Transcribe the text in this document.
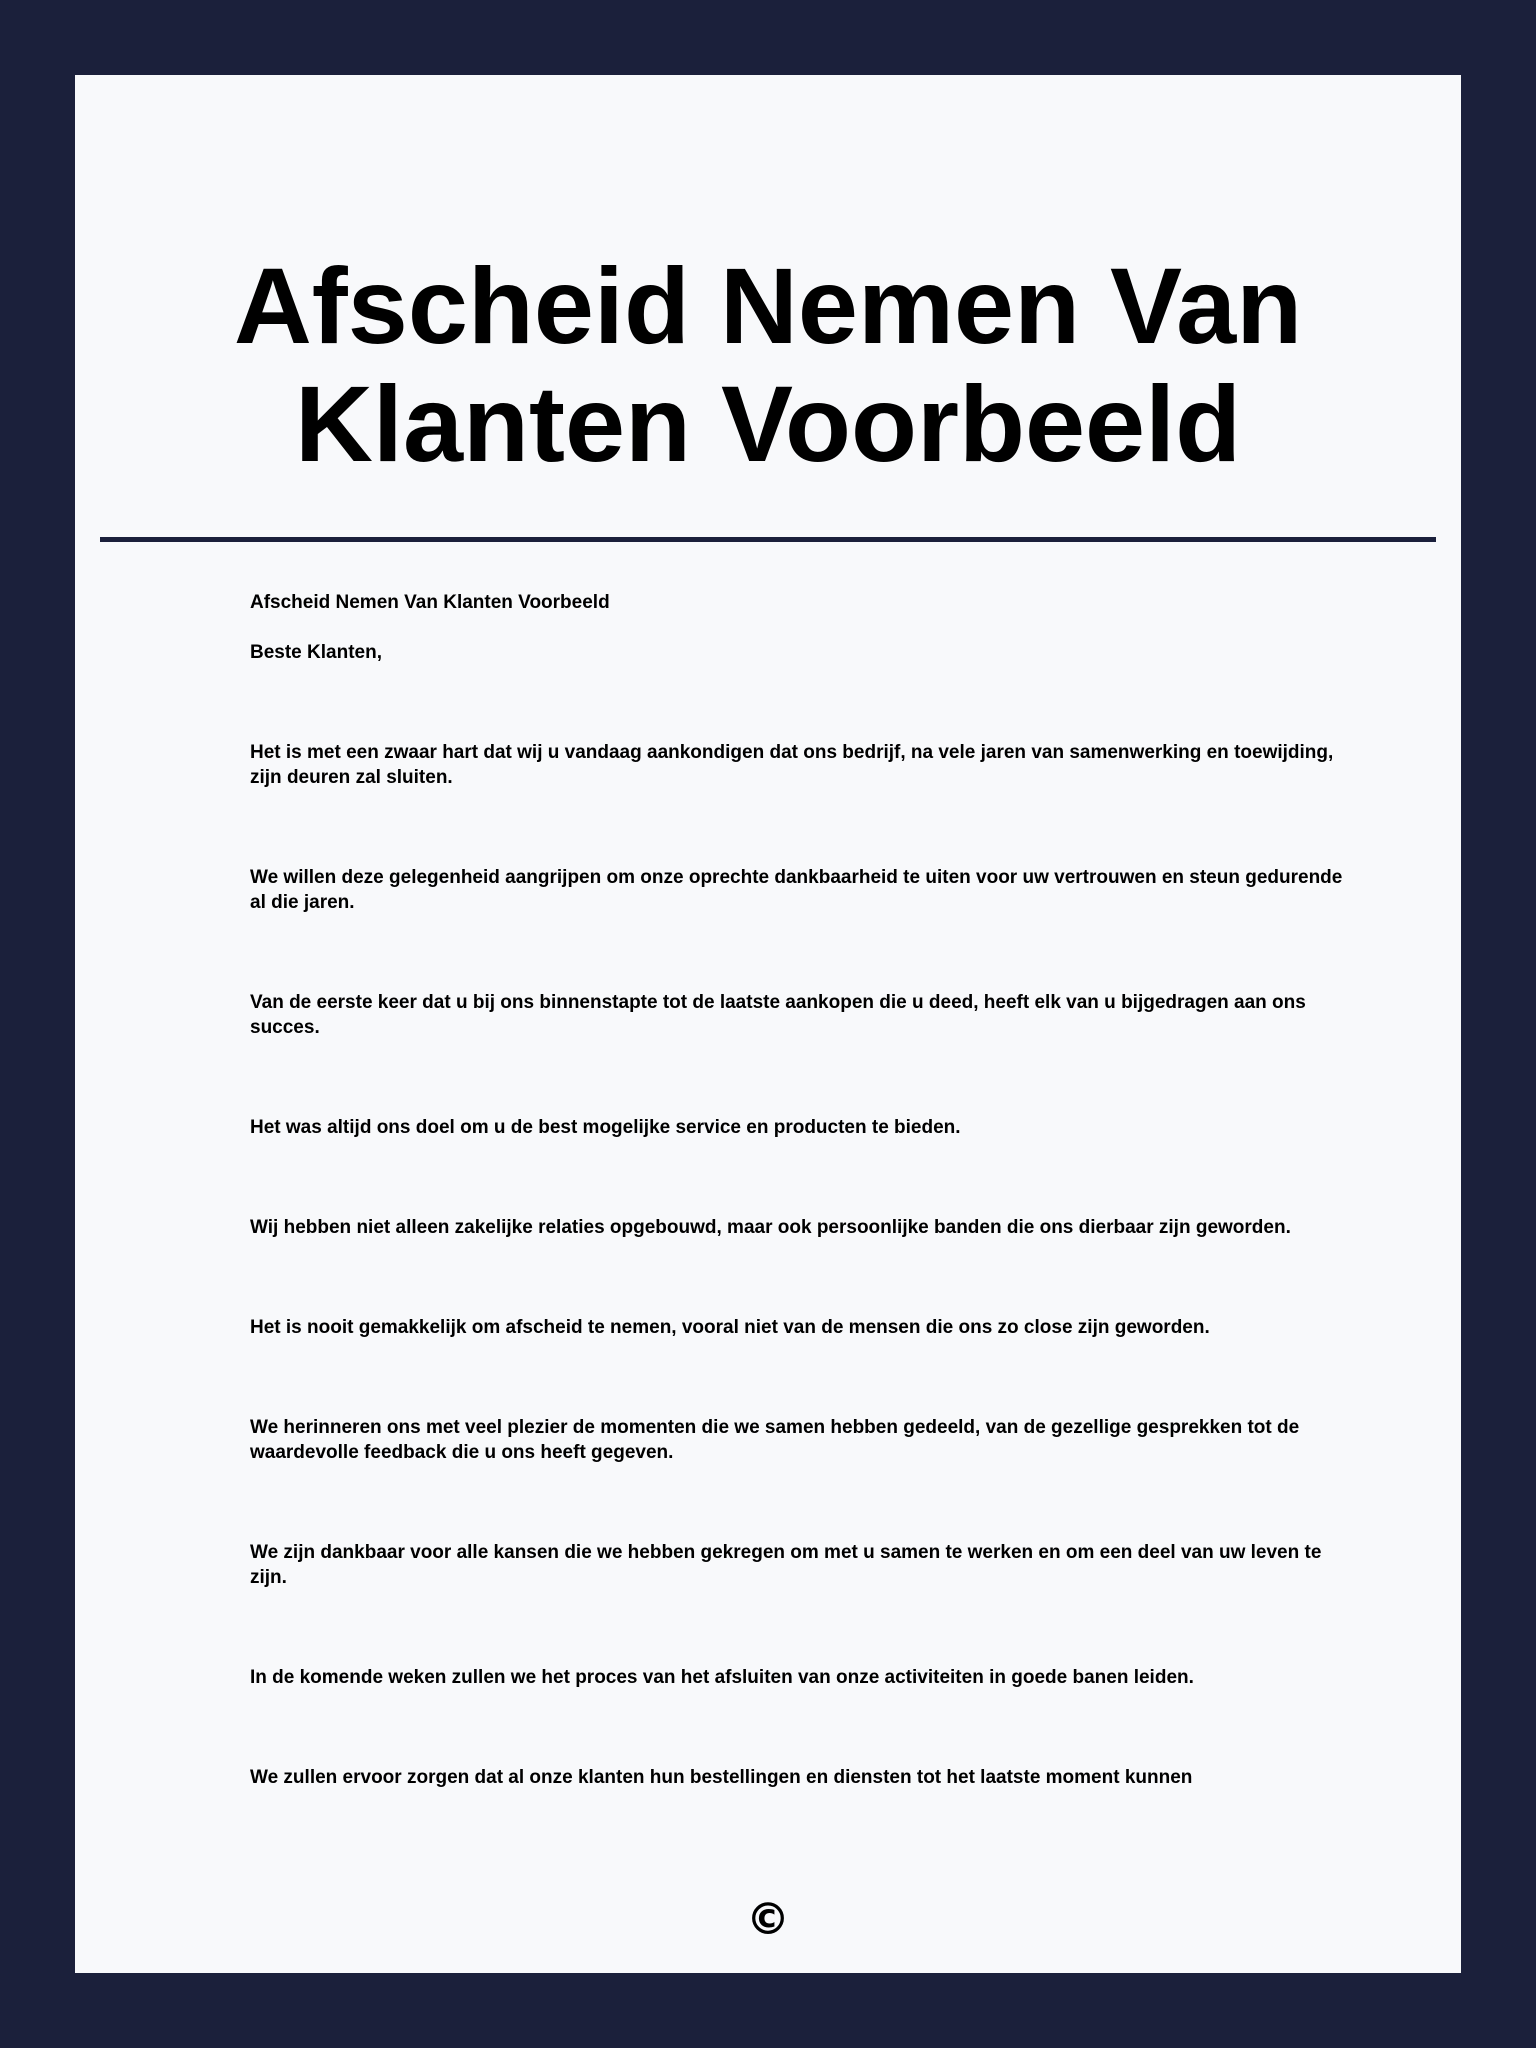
Afscheid Nemen Van Klanten Voorbeeld

Afscheid Nemen Van Klanten Voorbeeld

Beste Klanten,

Het is met een zwaar hart dat wij u vandaag aankondigen dat ons bedrijf, na vele jaren van samenwerking en toewijding, zijn deuren zal sluiten.

We willen deze gelegenheid aangrijpen om onze oprechte dankbaarheid te uiten voor uw vertrouwen en steun gedurende al die jaren.

Van de eerste keer dat u bij ons binnenstapte tot de laatste aankopen die u deed, heeft elk van u bijgedragen aan ons succes.

Het was altijd ons doel om u de best mogelijke service en producten te bieden.

Wij hebben niet alleen zakelijke relaties opgebouwd, maar ook persoonlijke banden die ons dierbaar zijn geworden.

Het is nooit gemakkelijk om afscheid te nemen, vooral niet van de mensen die ons zo close zijn geworden.

We herinneren ons met veel plezier de momenten die we samen hebben gedeeld, van de gezellige gesprekken tot de waardevolle feedback die u ons heeft gegeven.

We zijn dankbaar voor alle kansen die we hebben gekregen om met u samen te werken en om een deel van uw leven te zijn.

In de komende weken zullen we het proces van het afsluiten van onze activiteiten in goede banen leiden.

We zullen ervoor zorgen dat al onze klanten hun bestellingen en diensten tot het laatste moment kunnen

©
